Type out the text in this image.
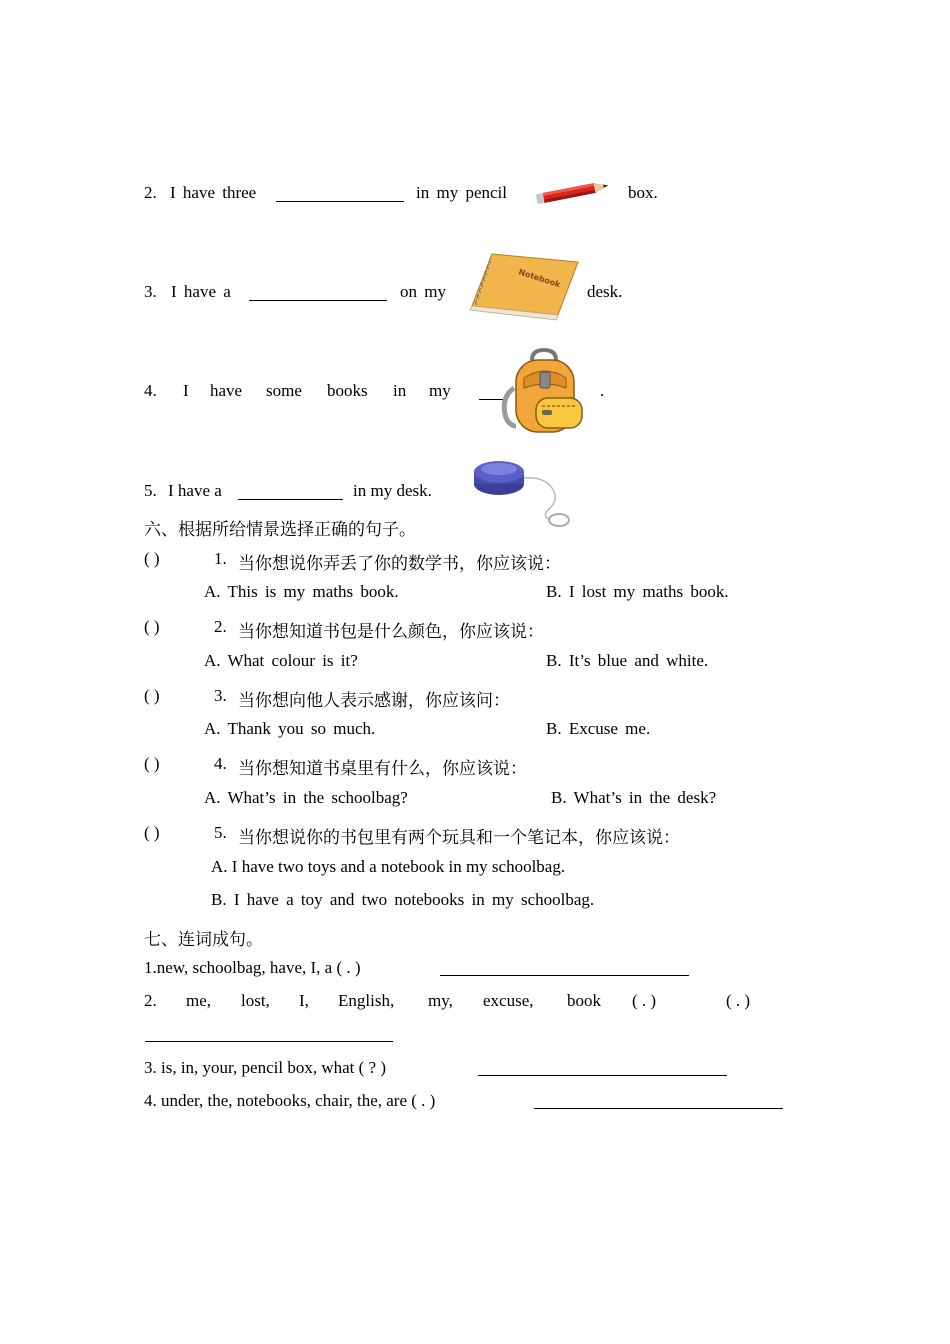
2. I have three	in my pencil	box.
3. I have a	on my
Notebook
desk.
4. I have some books in my	.
5. I have a	in my desk.
六、根据所给情景选择正确的句子。
( )	1. 当你想说你弄丢了你的数学书，你应该说：
A. This is my maths book.	B. I lost my maths book.
( )	2. 当你想知道书包是什么颜色，你应该说：
A. What colour is it?	B. It’s blue and white.
( )	3. 当你想向他人表示感谢，你应该问：
A. Thank you so much.	B. Excuse me.
( )	4. 当你想知道书桌里有什么，你应该说：
A. What’s in the schoolbag?	B. What’s in the desk?
( )	5. 当你想说你的书包里有两个玩具和一个笔记本，你应该说：
A. I have two toys and a notebook in my schoolbag.
B. I have a toy and two notebooks in my schoolbag.
七、连词成句。
1.new, schoolbag, have, I, a ( . )
2. me, lost, I, English, my, excuse, book ( . )	( . )
3. is, in, your, pencil box, what ( ? )
4. under, the, notebooks, chair, the, are ( . )
